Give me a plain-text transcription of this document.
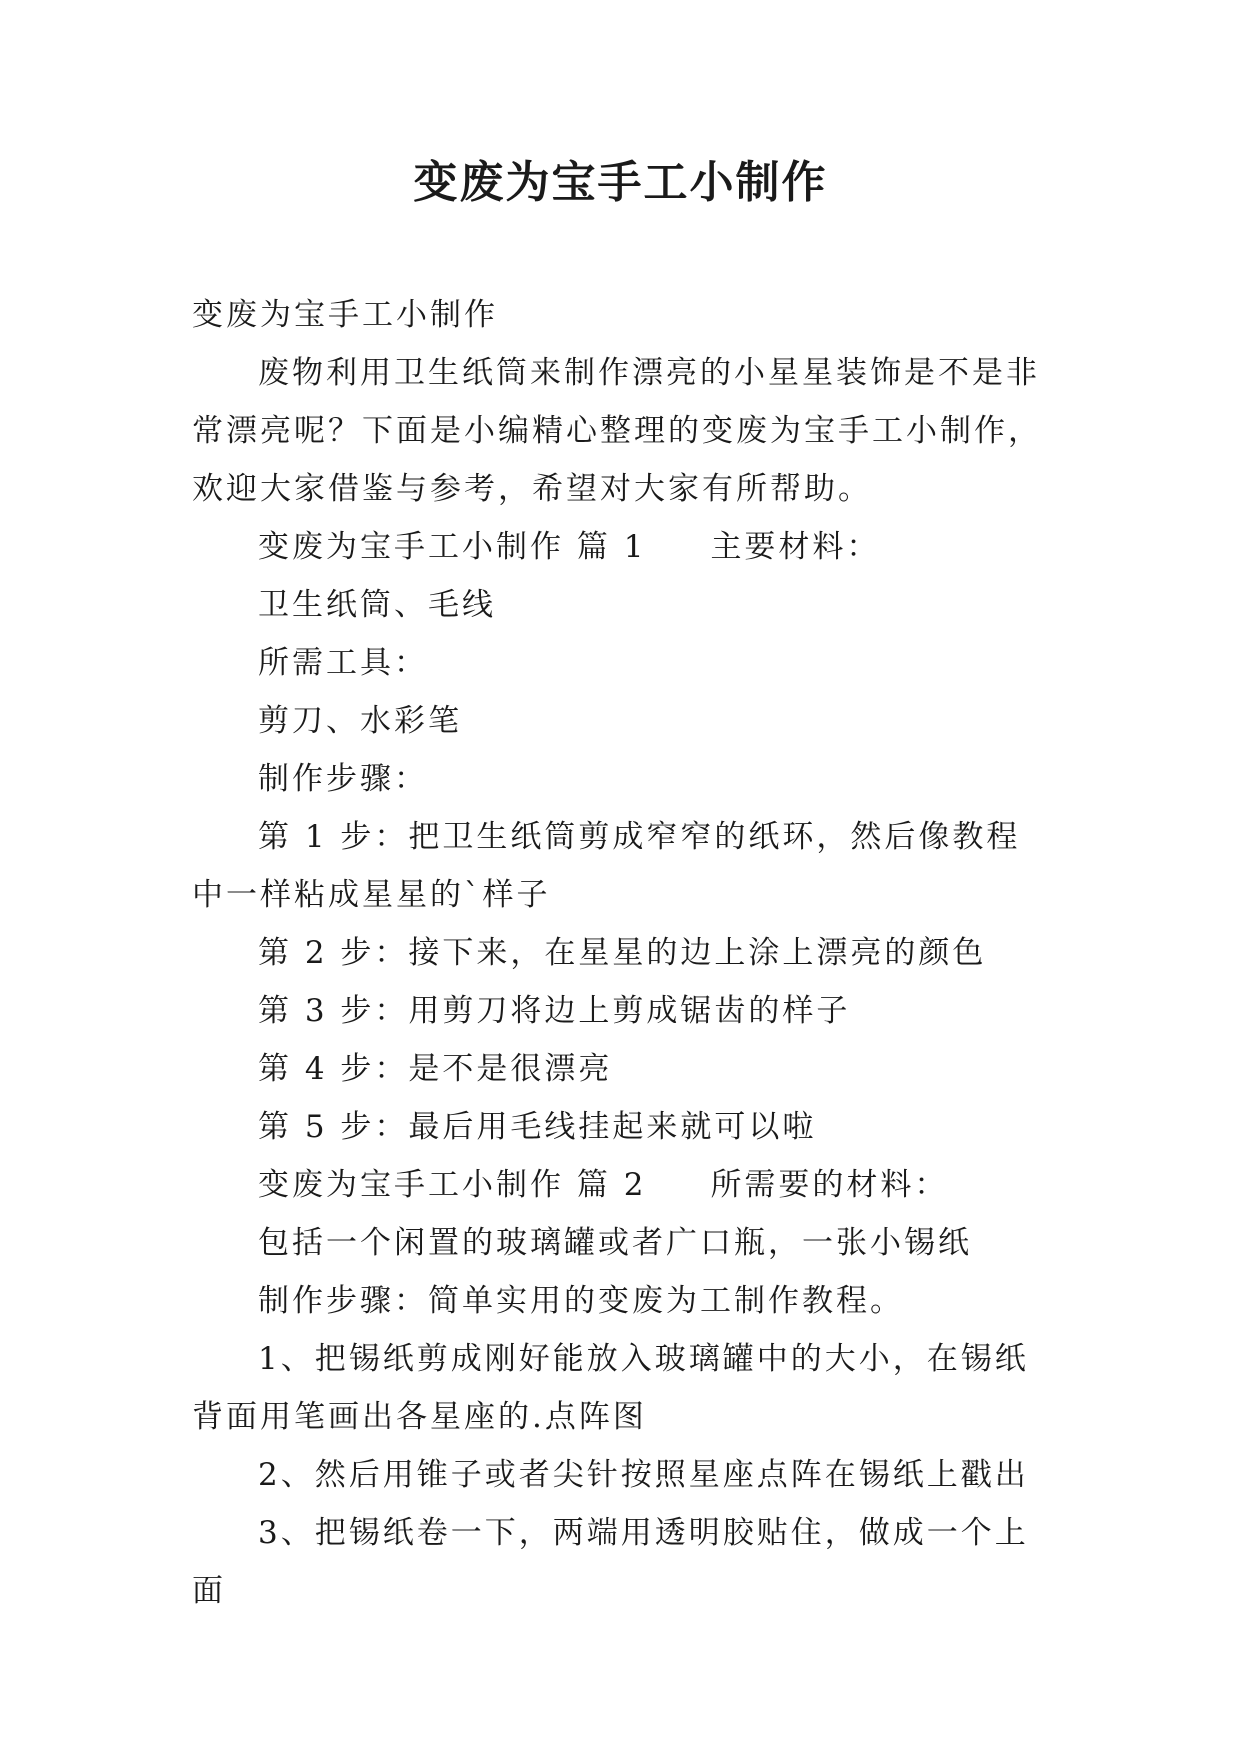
变废为宝手工小制作

变废为宝手工小制作

废物利用卫生纸筒来制作漂亮的小星星装饰是不是非常漂亮呢？下面是小编精心整理的变废为宝手工小制作，欢迎大家借鉴与参考，希望对大家有所帮助。

变废为宝手工小制作 篇 1 主要材料：

卫生纸筒、毛线

所需工具：

剪刀、水彩笔

制作步骤：

第 1 步：把卫生纸筒剪成窄窄的纸环，然后像教程中一样粘成星星的`样子

第 2 步：接下来，在星星的边上涂上漂亮的颜色

第 3 步：用剪刀将边上剪成锯齿的样子

第 4 步：是不是很漂亮

第 5 步：最后用毛线挂起来就可以啦

变废为宝手工小制作 篇 2 所需要的材料：

包括一个闲置的玻璃罐或者广口瓶，一张小锡纸

制作步骤：简单实用的变废为工制作教程。

1、把锡纸剪成刚好能放入玻璃罐中的大小，在锡纸背面用笔画出各星座的.点阵图

2、然后用锥子或者尖针按照星座点阵在锡纸上戳出

3、把锡纸卷一下，两端用透明胶贴住，做成一个上面
